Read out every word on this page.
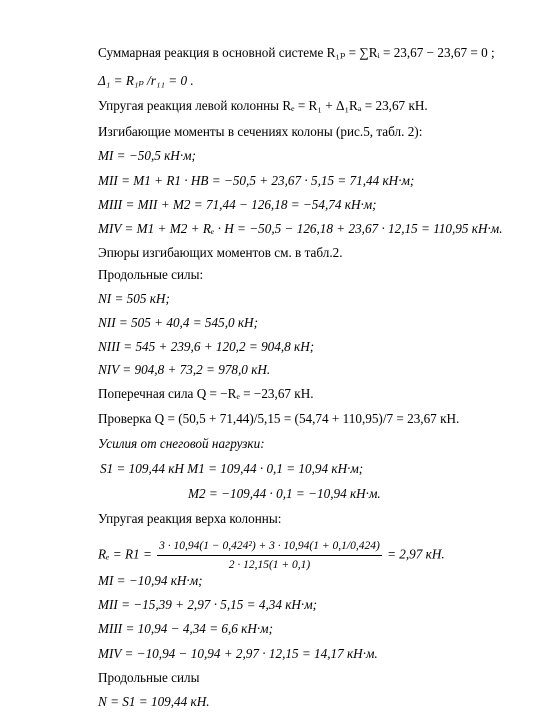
Суммарная реакция в основной системе R₁ₚ = ∑Rᵢ = 23,67 − 23,67 = 0 ;
Δ₁ = R₁ₚ /r₁₁ = 0 .
Упругая реакция левой колонны Rₑ = R₁ + Δ₁Rₐ = 23,67 кН.
Изгибающие моменты в сечениях колоны (рис.5, табл. 2):
MI = −50,5 кН·м;
MII = M1 + R1 · HB = −50,5 + 23,67 · 5,15 = 71,44 кН·м;
MIII = MII + M2 = 71,44 − 126,18 = −54,74 кН·м;
MIV = M1 + M2 + Rₑ · H = −50,5 − 126,18 + 23,67 · 12,15 = 110,95 кН·м.
Эпюры изгибающих моментов см. в табл.2.
Продольные силы:
NI = 505 кН;
NII = 505 + 40,4 = 545,0 кН;
NIII = 545 + 239,6 + 120,2 = 904,8 кН;
NIV = 904,8 + 73,2 = 978,0 кН.
Поперечная сила Q = −Rₑ = −23,67 кН.
Проверка Q = (50,5 + 71,44)/5,15 = (54,74 + 110,95)/7 = 23,67 кН.
Усилия от снеговой нагрузки:
S1 = 109,44 кН M1 = 109,44 · 0,1 = 10,94 кН·м;
M2 = −109,44 · 0,1 = −10,94 кН·м.
Упругая реакция верха колонны:
$R_e = R1 = \frac{\text{3 · 10,94(1 − 0,424²) + 3 · 10,94(1 + 0,1/0,424)}}{2 \cdot 12,15(1 + 0,1)} = 2,97$ кН.
MI = −10,94 кН·м;
MII = −15,39 + 2,97 · 5,15 = 4,34 кН·м;
MIII = 10,94 − 4,34 = 6,6 кН·м;
MIV = −10,94 − 10,94 + 2,97 · 12,15 = 14,17 кН·м.
Продольные силы
N = S1 = 109,44 кН.
